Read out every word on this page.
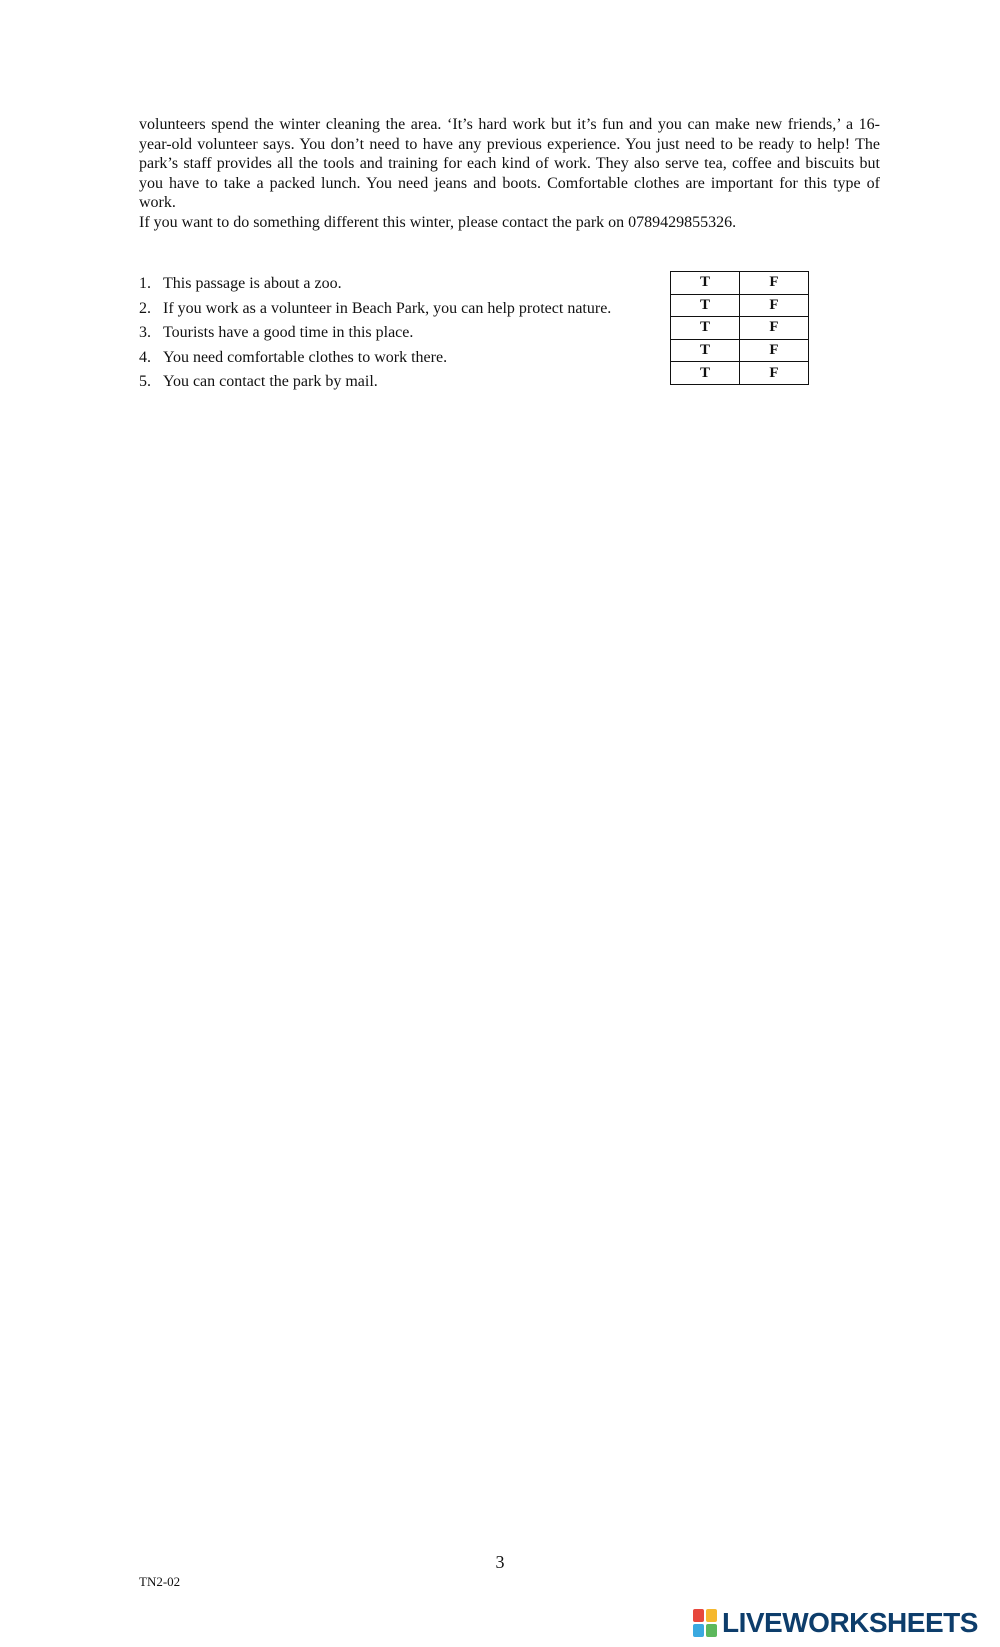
volunteers spend the winter cleaning the area. ‘It’s hard work but it’s fun and you can make new friends,’ a 16-year-old volunteer says. You don’t need to have any previous experience. You just need to be ready to help! The park’s staff provides all the tools and training for each kind of work. They also serve tea, coffee and biscuits but you have to take a packed lunch. You need jeans and boots. Comfortable clothes are important for this type of work.

If you want to do something different this winter, please contact the park on 0789429855326.

1. This passage is about a zoo.
2. If you work as a volunteer in Beach Park, you can help protect nature.
3. Tourists have a good time in this place.
4. You need comfortable clothes to work there.
5. You can contact the park by mail.
T	F
T	F
T	F
T	F
T	F
3
TN2-02
LIVEWORKSHEETS
